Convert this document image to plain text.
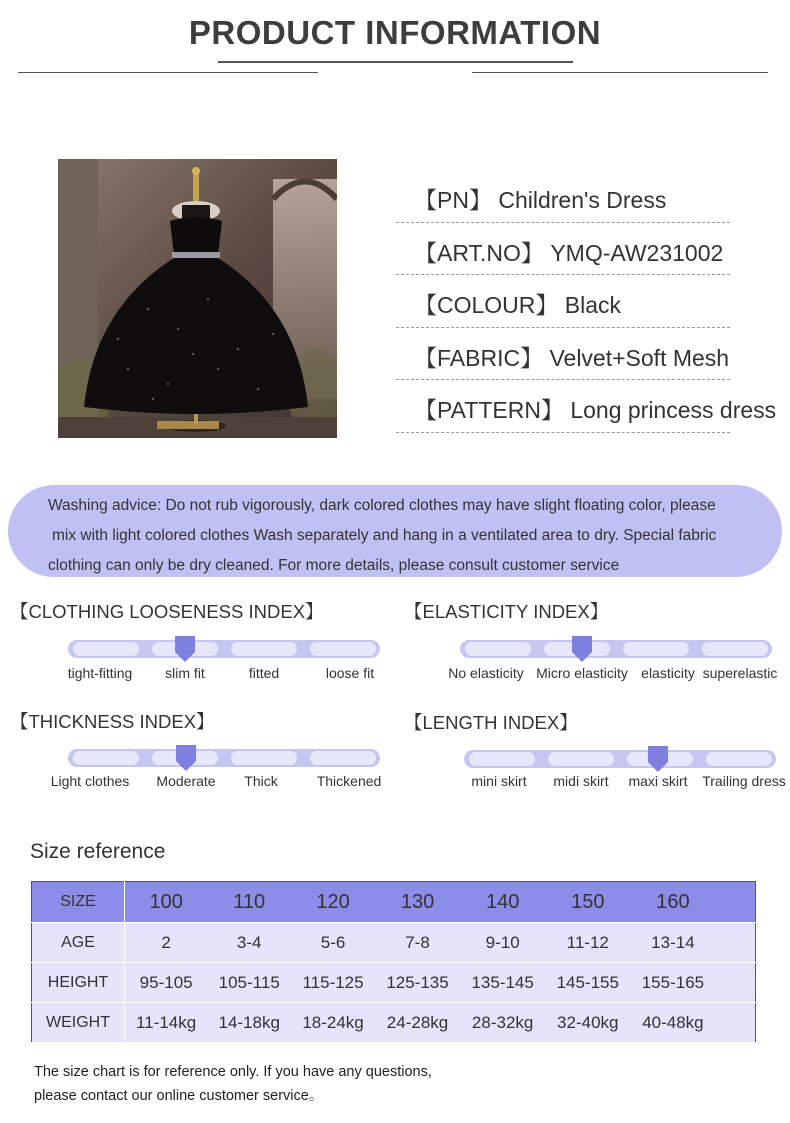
PRODUCT INFORMATION
【PN】 Children's Dress
【ART.NO】 YMQ-AW231002
【COLOUR】 Black
【FABRIC】 Velvet+Soft Mesh
【PATTERN】 Long princess dress

Washing advice: Do not rub vigorously, dark colored clothes may have slight floating color, please
mix with light colored clothes Wash separately and hang in a ventilated area to dry. Special fabric
clothing can only be dry cleaned. For more details, please consult customer service

【CLOTHING LOOSENESS INDEX】	【ELASTICITY INDEX】
【THICKNESS INDEX】	【LENGTH INDEX】
Size reference
SIZE	100	110	120	130	140	150	160	
AGE	2	3-4	5-6	7-8	9-10	11-12	13-14	
HEIGHT	95-105	105-115	115-125	125-135	135-145	145-155	155-165	
WEIGHT	11-14kg	14-18kg	18-24kg	24-28kg	28-32kg	32-40kg	40-48kg	
The size chart is for reference only. If you have any questions,
please contact our online customer service。
tight-fitting slim fit	fitted	loose fit	No elasticity Micro elasticity elasticity superelastic
Light clothes Moderate Thick	Thickened	mini skirt midi skirt maxi skirt Trailing dress
